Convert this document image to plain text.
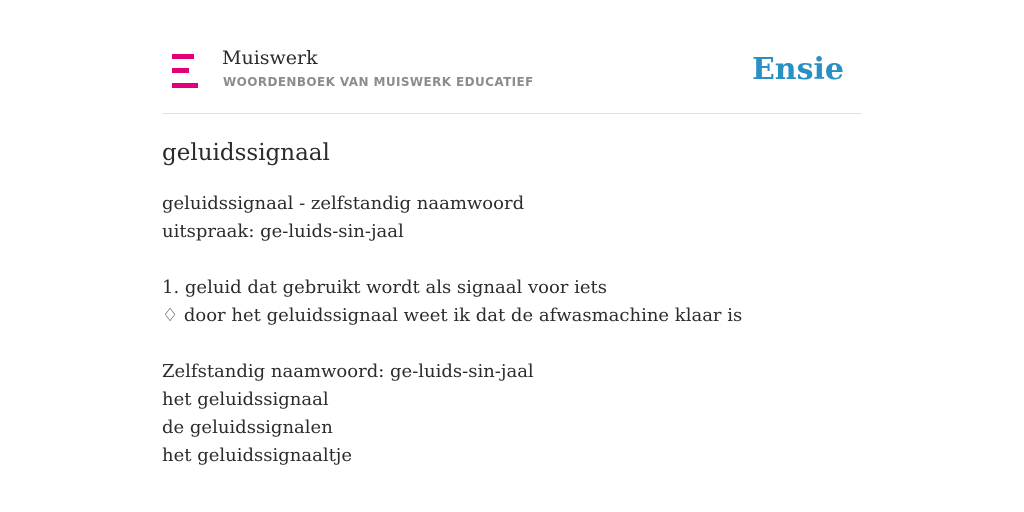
Muiswerk
WOORDENBOEK VAN MUISWERK EDUCATIEF	Ensie
geluidssignaal
geluidssignaal - zelfstandig naamwoord
uitspraak: ge-luids-sin-jaal
1. geluid dat gebruikt wordt als signaal voor iets
♢ door het geluidssignaal weet ik dat de afwasmachine klaar is
Zelfstandig naamwoord: ge-luids-sin-jaal
het geluidssignaal
de geluidssignalen
het geluidssignaaltje
